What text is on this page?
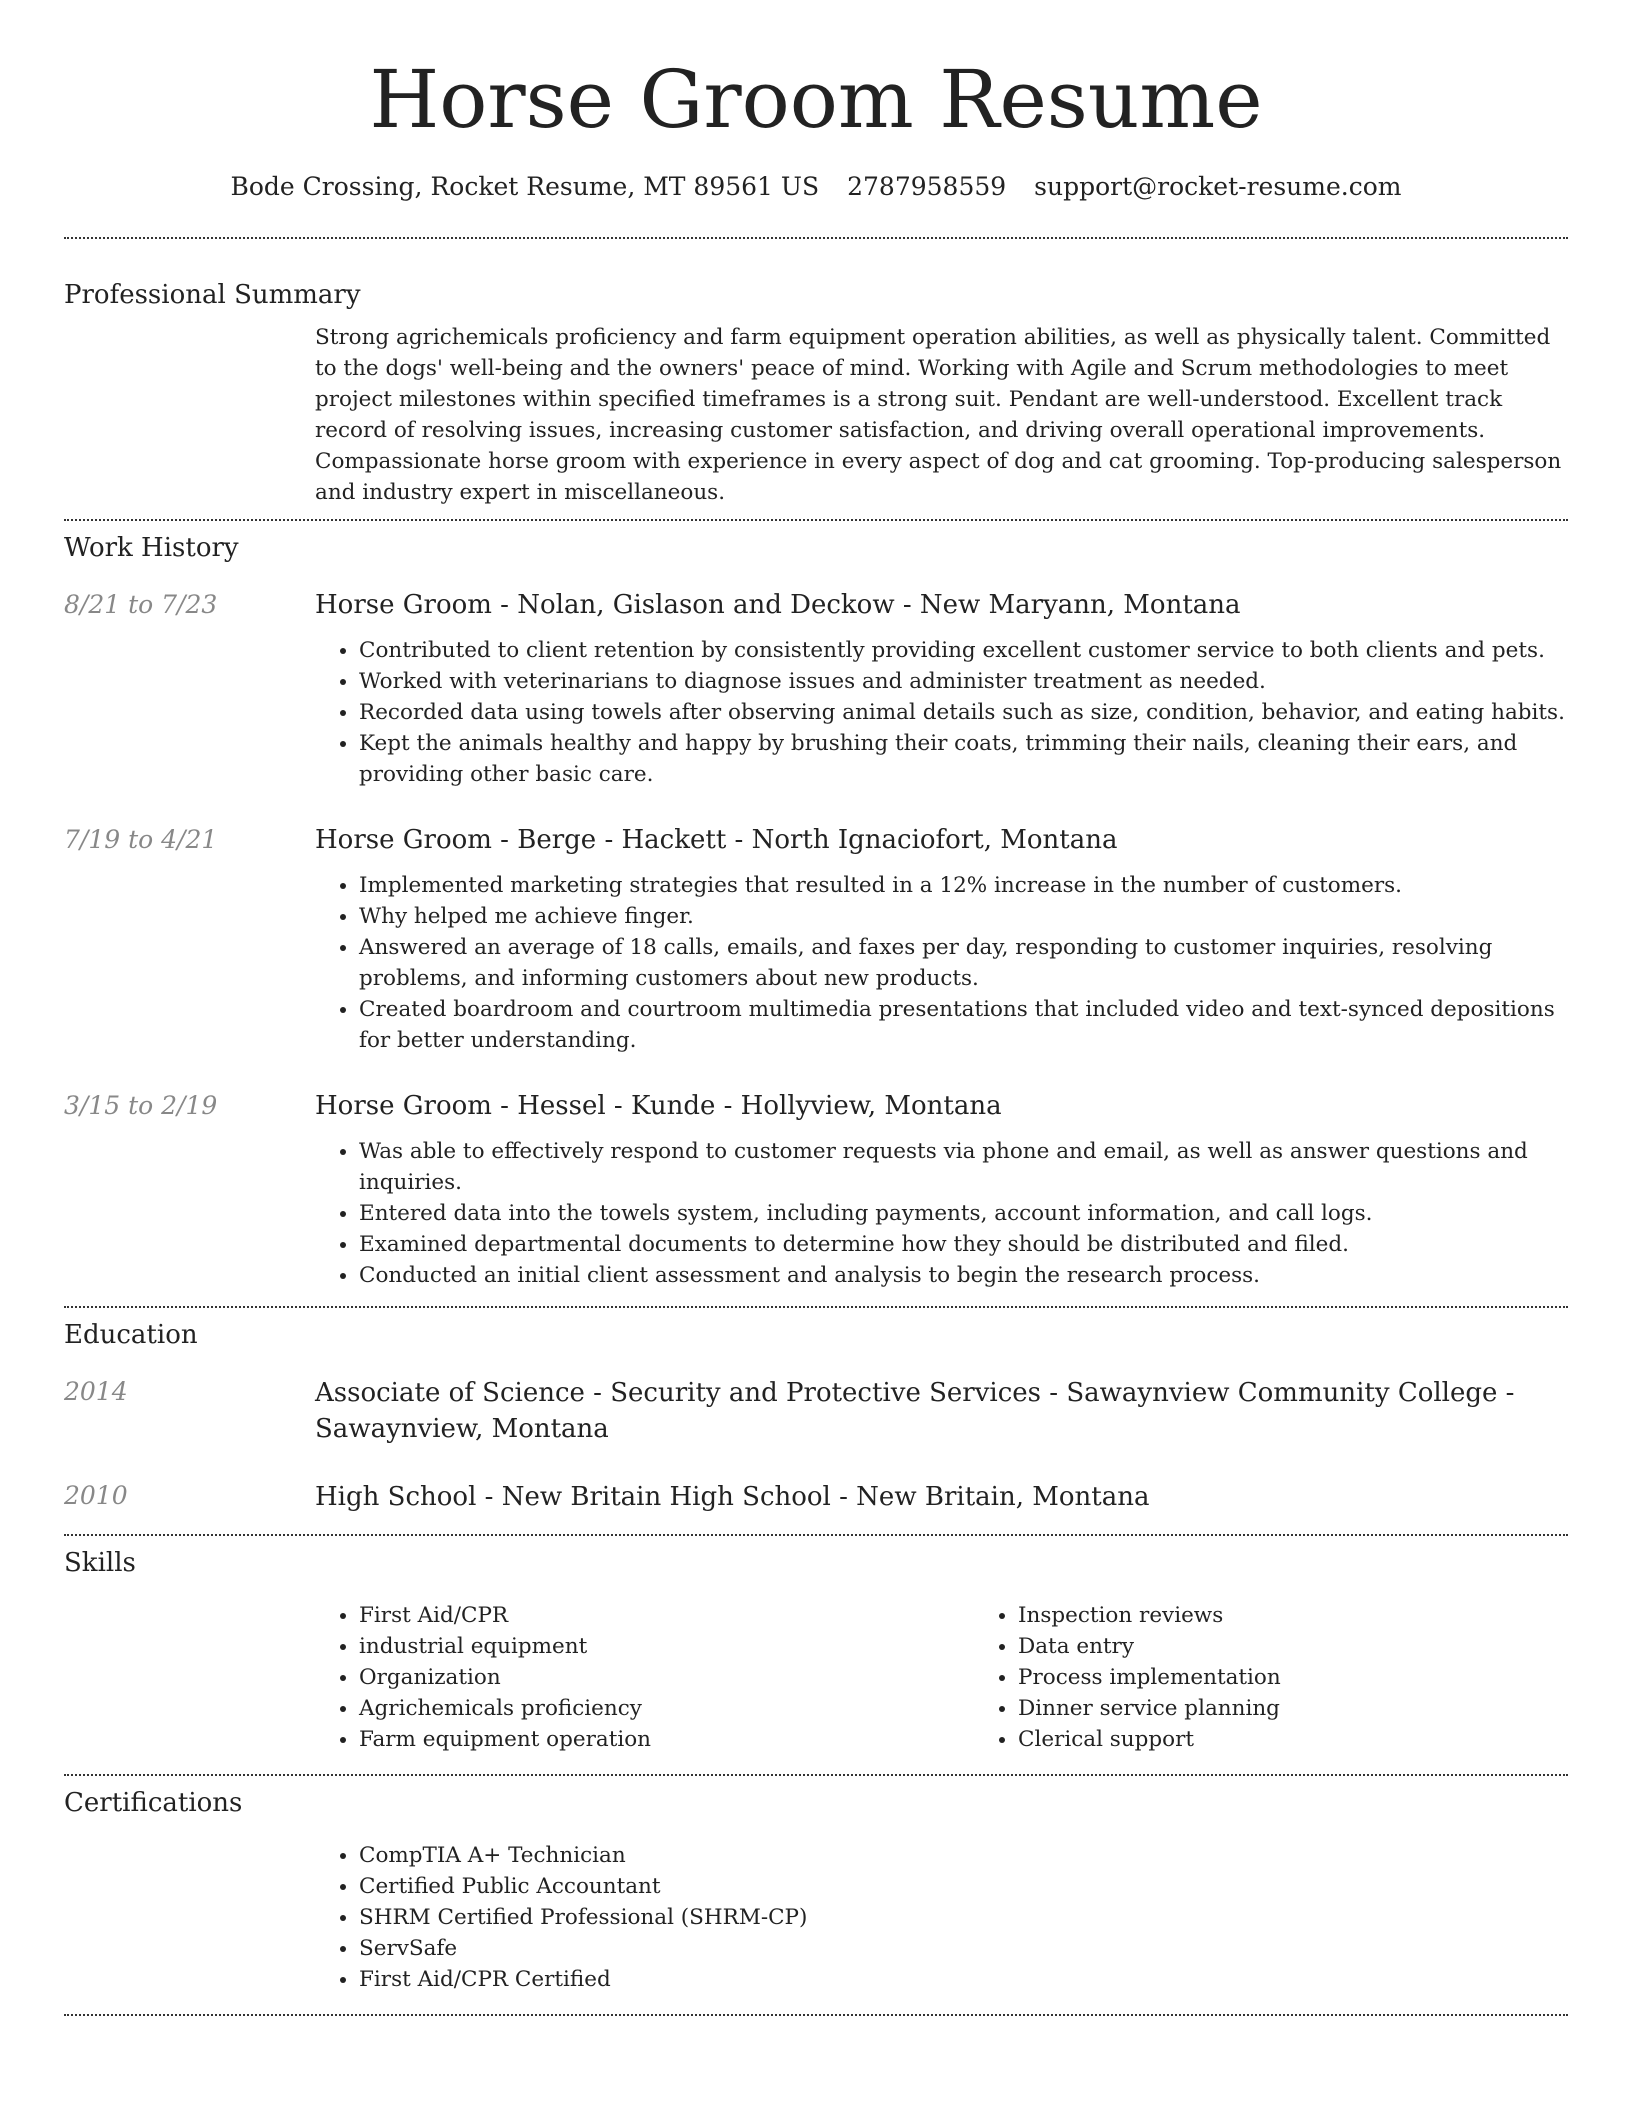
Horse Groom Resume
Bode Crossing, Rocket Resume, MT 89561 US 2787958559 support@rocket-resume.com
Professional Summary
Strong agrichemicals proficiency and farm equipment operation abilities, as well as physically talent. Committed to the dogs' well-being and the owners' peace of mind. Working with Agile and Scrum methodologies to meet project milestones within specified timeframes is a strong suit. Pendant are well-understood. Excellent track record of resolving issues, increasing customer satisfaction, and driving overall operational improvements. Compassionate horse groom with experience in every aspect of dog and cat grooming. Top-producing salesperson and industry expert in miscellaneous.
Work History
8/21 to 7/23	Horse Groom - Nolan, Gislason and Deckow - New Maryann, Montana
• Contributed to client retention by consistently providing excellent customer service to both clients and pets.
• Worked with veterinarians to diagnose issues and administer treatment as needed.
• Recorded data using towels after observing animal details such as size, condition, behavior, and eating habits.
• Kept the animals healthy and happy by brushing their coats, trimming their nails, cleaning their ears, and providing other basic care.
7/19 to 4/21	Horse Groom - Berge - Hackett - North Ignaciofort, Montana
• Implemented marketing strategies that resulted in a 12% increase in the number of customers.
• Why helped me achieve finger.
• Answered an average of 18 calls, emails, and faxes per day, responding to customer inquiries, resolving problems, and informing customers about new products.
• Created boardroom and courtroom multimedia presentations that included video and text-synced depositions for better understanding.
3/15 to 2/19	Horse Groom - Hessel - Kunde - Hollyview, Montana
• Was able to effectively respond to customer requests via phone and email, as well as answer questions and inquiries.
• Entered data into the towels system, including payments, account information, and call logs.
• Examined departmental documents to determine how they should be distributed and filed.
• Conducted an initial client assessment and analysis to begin the research process.
Education
2014	Associate of Science - Security and Protective Services - Sawaynview Community College - Sawaynview, Montana
2010	High School - New Britain High School - New Britain, Montana
Skills
• First Aid/CPR
• industrial equipment
• Organization
• Agrichemicals proficiency
• Farm equipment operation
• Inspection reviews
• Data entry
• Process implementation
• Dinner service planning
• Clerical support
Certifications
• CompTIA A+ Technician
• Certified Public Accountant
• SHRM Certified Professional (SHRM-CP)
• ServSafe
• First Aid/CPR Certified
